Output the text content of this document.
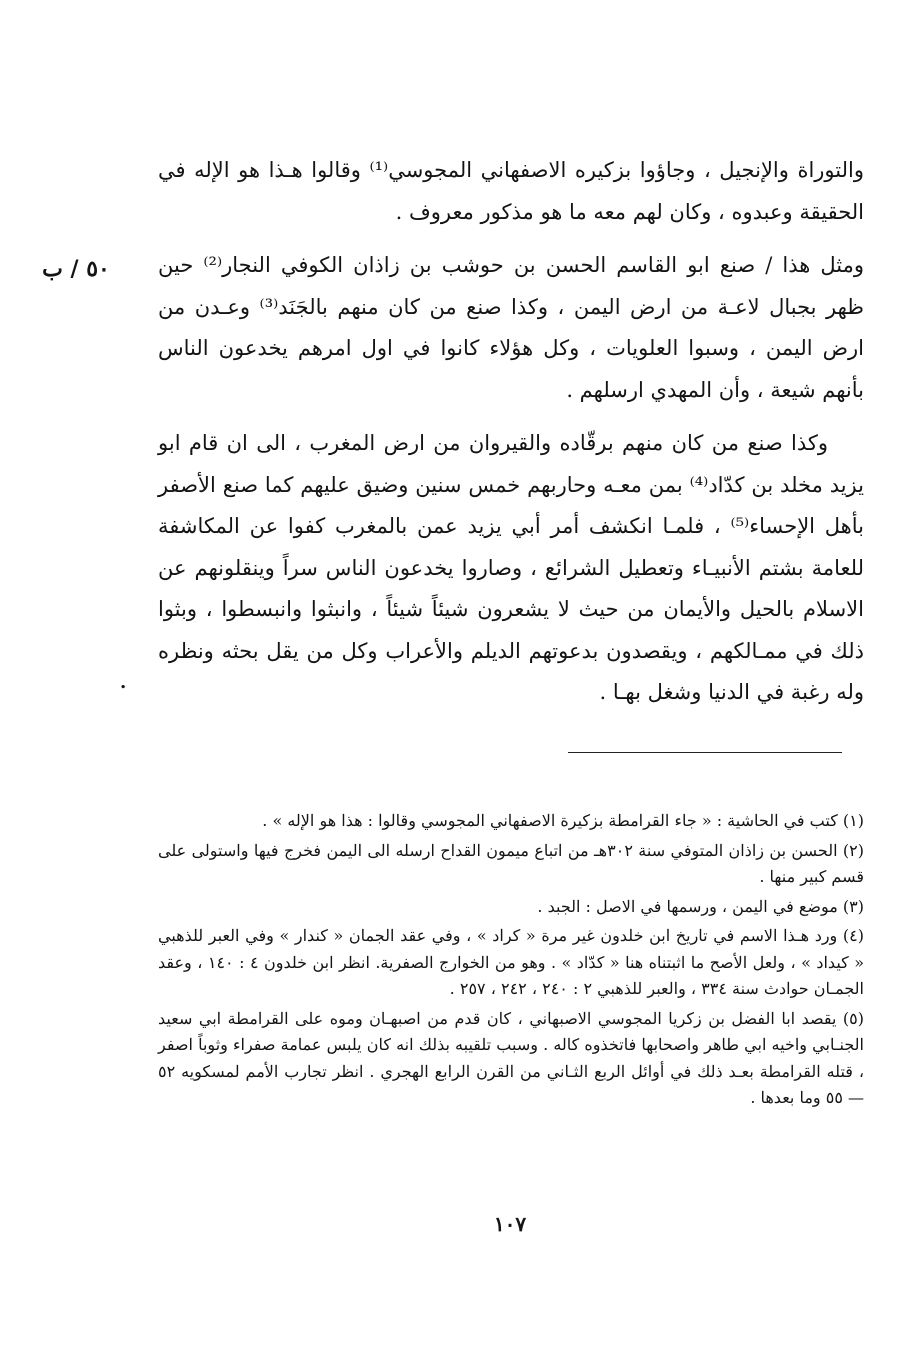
٥٠ / ب
.

والتوراة والإنجيل ، وجاؤوا بزكيره الاصفهاني المجوسي⁽¹⁾ وقالوا هـذا هو الإله في الحقيقة وعبدوه ، وكان لهم معه ما هو مذكور معروف .

ومثل هذا / صنع ابو القاسم الحسن بن حوشب بن زاذان الكوفي النجار⁽²⁾ حين ظهر بجبال لاعـة من ارض اليمن ، وكذا صنع من كان منهم بالجَنَد⁽³⁾ وعـدن من ارض اليمن ، وسبوا العلويات ، وكل هؤلاء كانوا في اول امرهم يخدعون الناس بأنهم شيعة ، وأن المهدي ارسلهم .

وكذا صنع من كان منهم برقّاده والقيروان من ارض المغرب ، الى ان قام ابو يزيد مخلد بن كدّاد⁽⁴⁾ بمن معـه وحاربهم خمس سنين وضيق عليهم كما صنع الأصفر بأهل الإحساء⁽⁵⁾ ، فلمـا انكشف أمر أبي يزيد عمن بالمغرب كفوا عن المكاشفة للعامة بشتم الأنبيـاء وتعطيل الشرائع ، وصاروا يخدعون الناس سراً وينقلونهم عن الاسلام بالحيل والأيمان من حيث لا يشعرون شيئاً شيئاً ، وانبثوا وانبسطوا ، وبثوا ذلك في ممـالكهم ، ويقصدون بدعوتهم الديلم والأعراب وكل من يقل بحثه ونظره وله رغبة في الدنيا وشغل بهـا .

(١) كتب في الحاشية : « جاء القرامطة بزكيرة الاصفهاني المجوسي وقالوا : هذا هو الإله » .

(٢) الحسن بن زاذان المتوفي سنة ٣٠٢هـ من اتباع ميمون القداح ارسله الى اليمن فخرج فيها واستولى على قسم كبير منها .

(٣) موضع في اليمن ، ورسمها في الاصل : الجبد .

(٤) ورد هـذا الاسم في تاريخ ابن خلدون غير مرة « كراد » ، وفي عقد الجمان « كندار » وفي العبر للذهبي « كيداد » ، ولعل الأصح ما اثبتناه هنا « كدّاد » . وهو من الخوارج الصفرية. انظر ابن خلدون ٤ : ١٤٠ ، وعقد الجمـان حوادث سنة ٣٣٤ ، والعبر للذهبي ٢ : ٢٤٠ ، ٢٤٢ ، ٢٥٧ .

(٥) يقصد ابا الفضل بن زكريا المجوسي الاصبهاني ، كان قدم من اصبهـان وموه على القرامطة ابي سعيد الجنـابي واخيه ابي طاهر واصحابها فاتخذوه كاله . وسبب تلقيبه بذلك انه كان يلبس عمامة صفراء وثوباً اصفر ، قتله القرامطة بعـد ذلك في أوائل الربع الثـاني من القرن الرابع الهجري . انظر تجارب الأمم لمسكويه ٥٢ — ٥٥ وما بعدها .

١٠٧
